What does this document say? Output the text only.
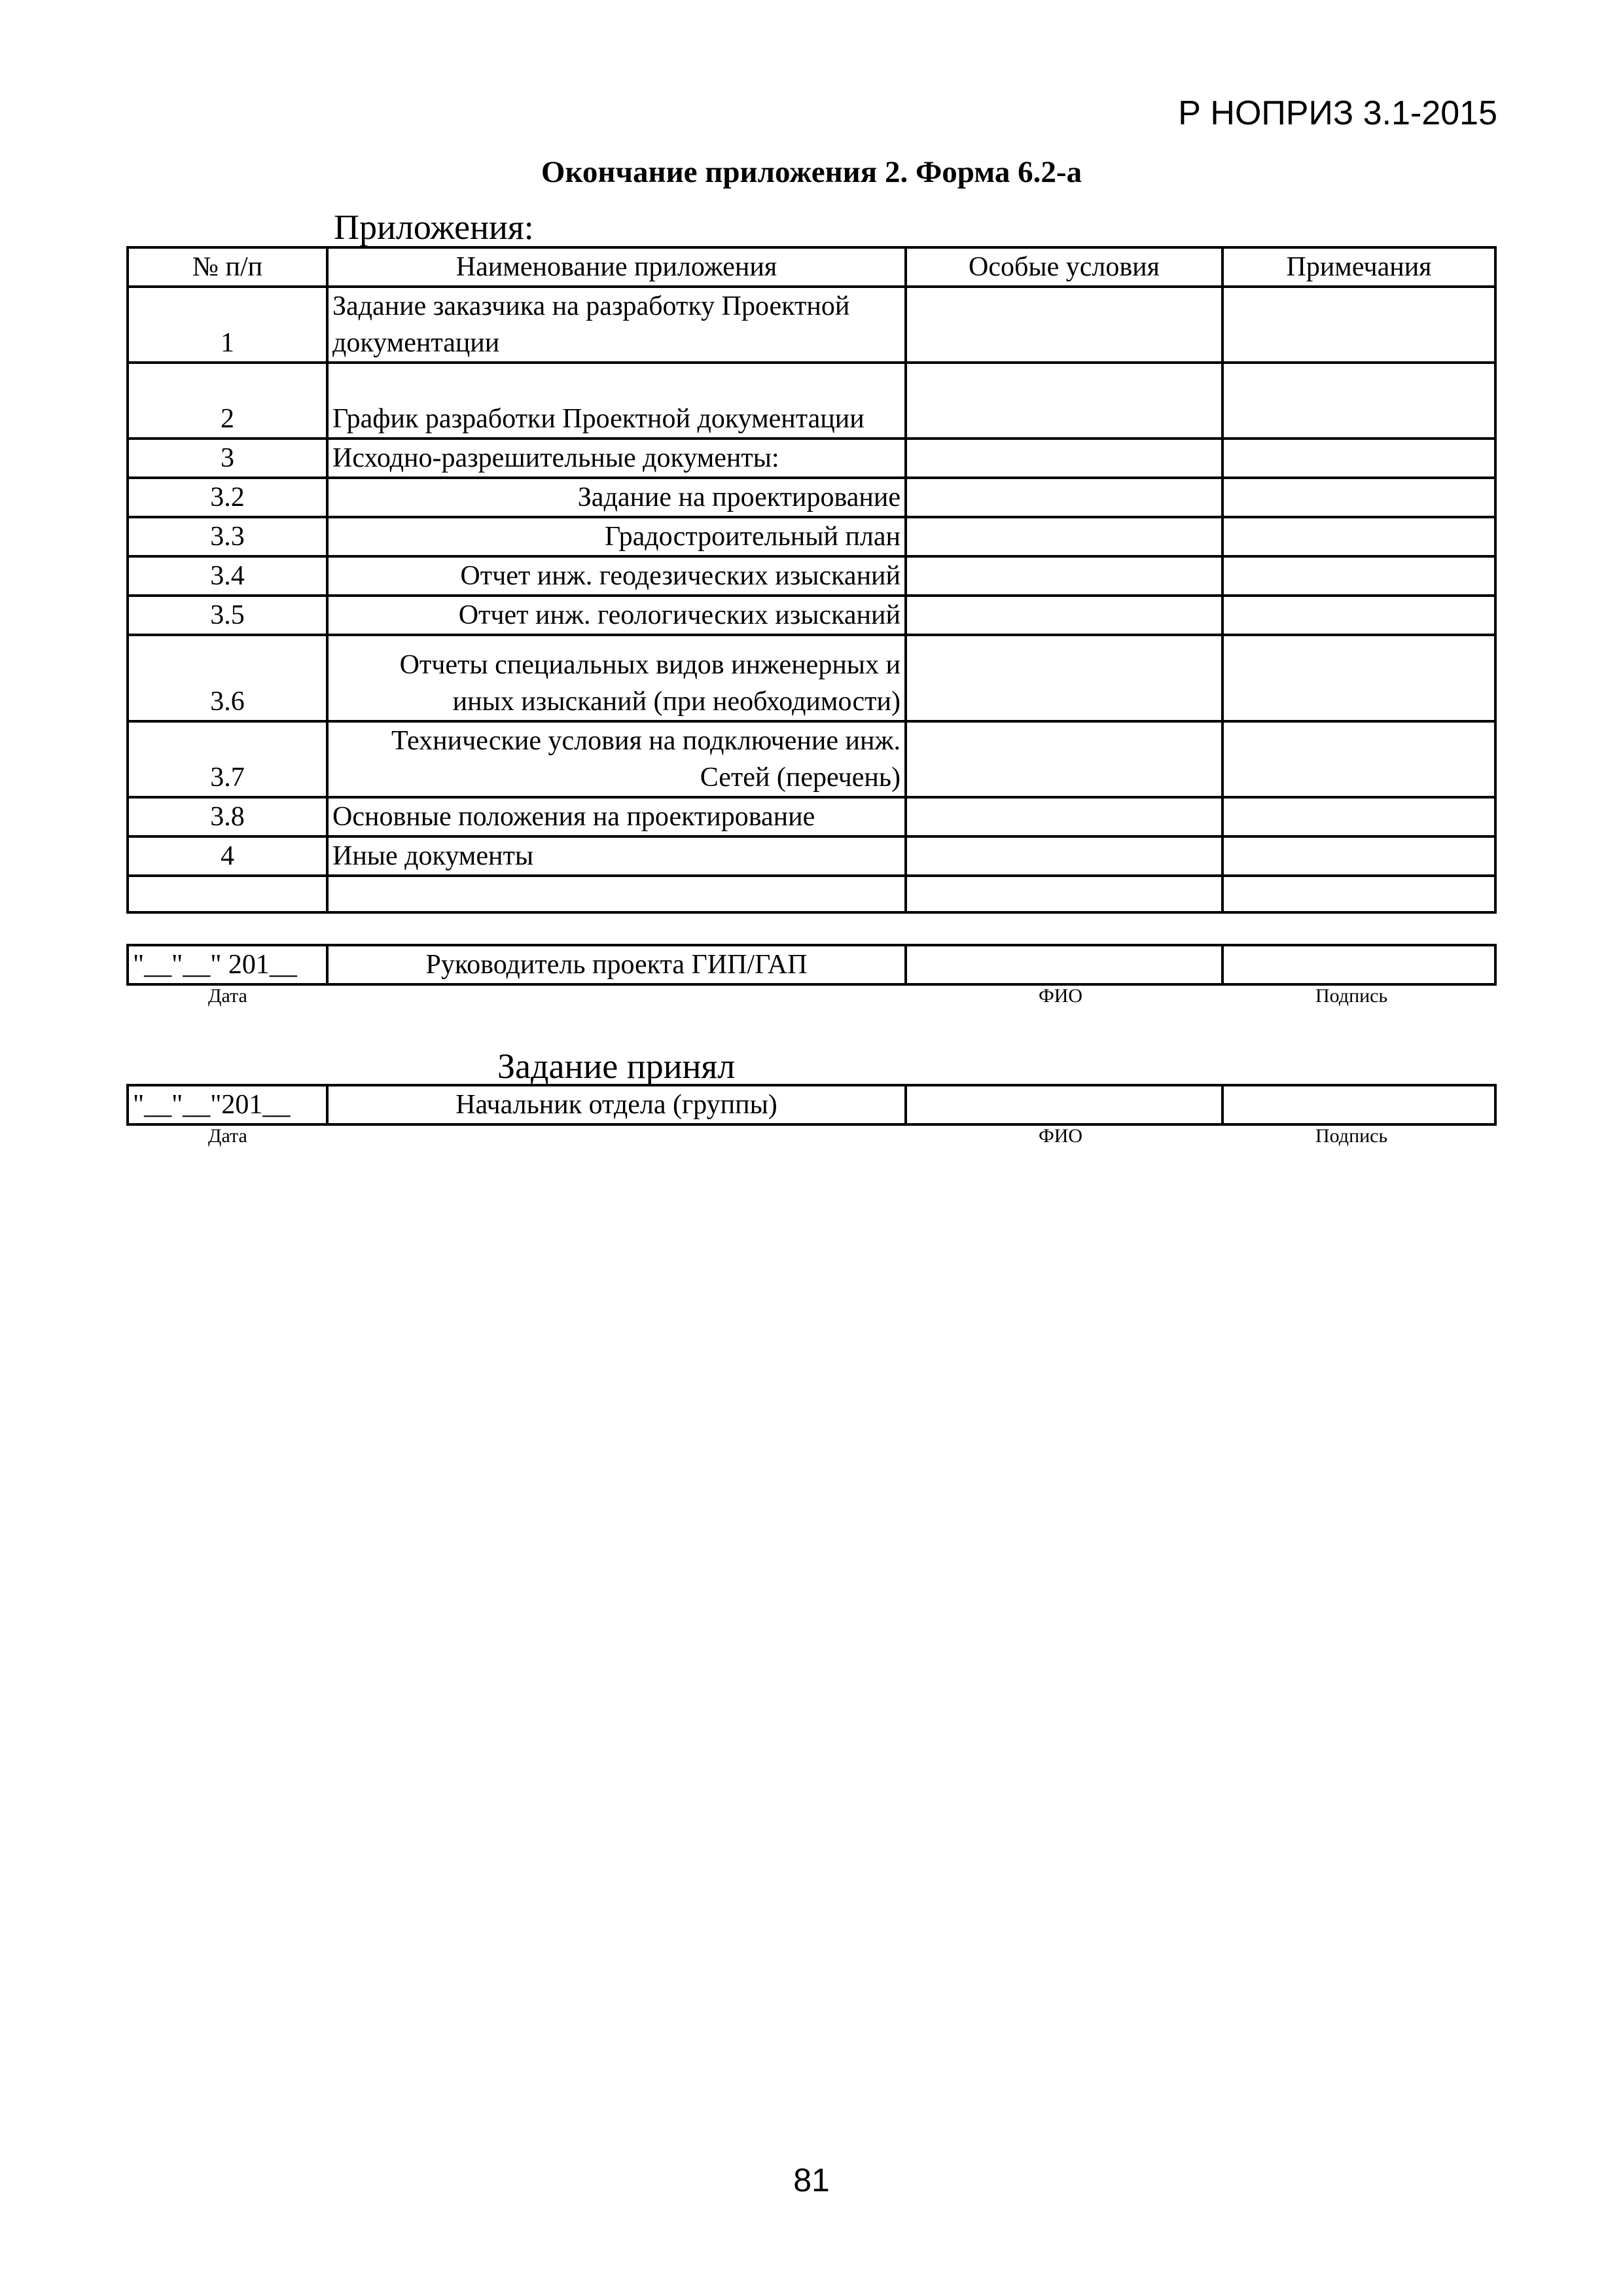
Р НОПРИЗ 3.1-2015
Окончание приложения 2. Форма 6.2-а
Приложения:
№ п/п	Наименование приложения	Особые условия	Примечания
1	Задание заказчика на разработку Проектной документации		
2	График разработки Проектной документации		
3	Исходно-разрешительные документы:		
3.2	Задание на проектирование		
3.3	Градостроительный план		
3.4	Отчет инж. геодезических изысканий		
3.5	Отчет инж. геологических изысканий		
3.6	Отчеты специальных видов инженерных и иных изысканий (при необходимости)		
3.7	Технические условия на подключение инж. Сетей (перечень)		
3.8	Основные положения на проектирование		
4	Иные документы		

"__"__" 201__	Руководитель проекта ГИП/ГАП		
Дата	ФИО	Подпись
Задание принял
"__"__"201__	Начальник отдела (группы)		
Дата	ФИО	Подпись
81
